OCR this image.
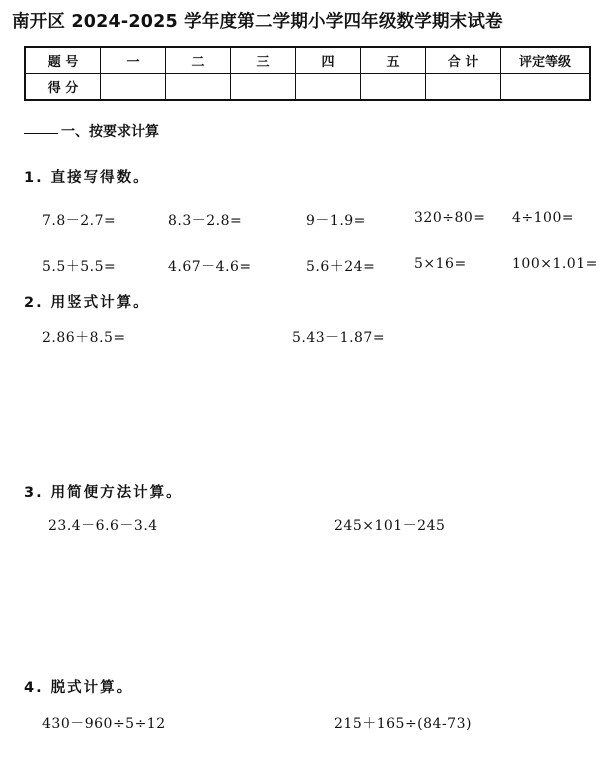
南开区 2024-2025 学年度第二学期小学四年级数学期末试卷
题 号	一	二	三	四	五	合 计	评定等级
得 分							
一、按要求计算
1. 直接写得数。
7.8－2.7=	8.3－2.8=	9－1.9=	320÷80= 4÷100=
5.5＋5.5=	4.67－4.6=	5.6＋24=	5×16=	100×1.01=
2. 用竖式计算。
2.86＋8.5=	5.43－1.87=
3. 用简便方法计算。
23.4－6.6－3.4	245×101－245
4. 脱式计算。
430－960÷5÷12	215＋165÷(84-73)
